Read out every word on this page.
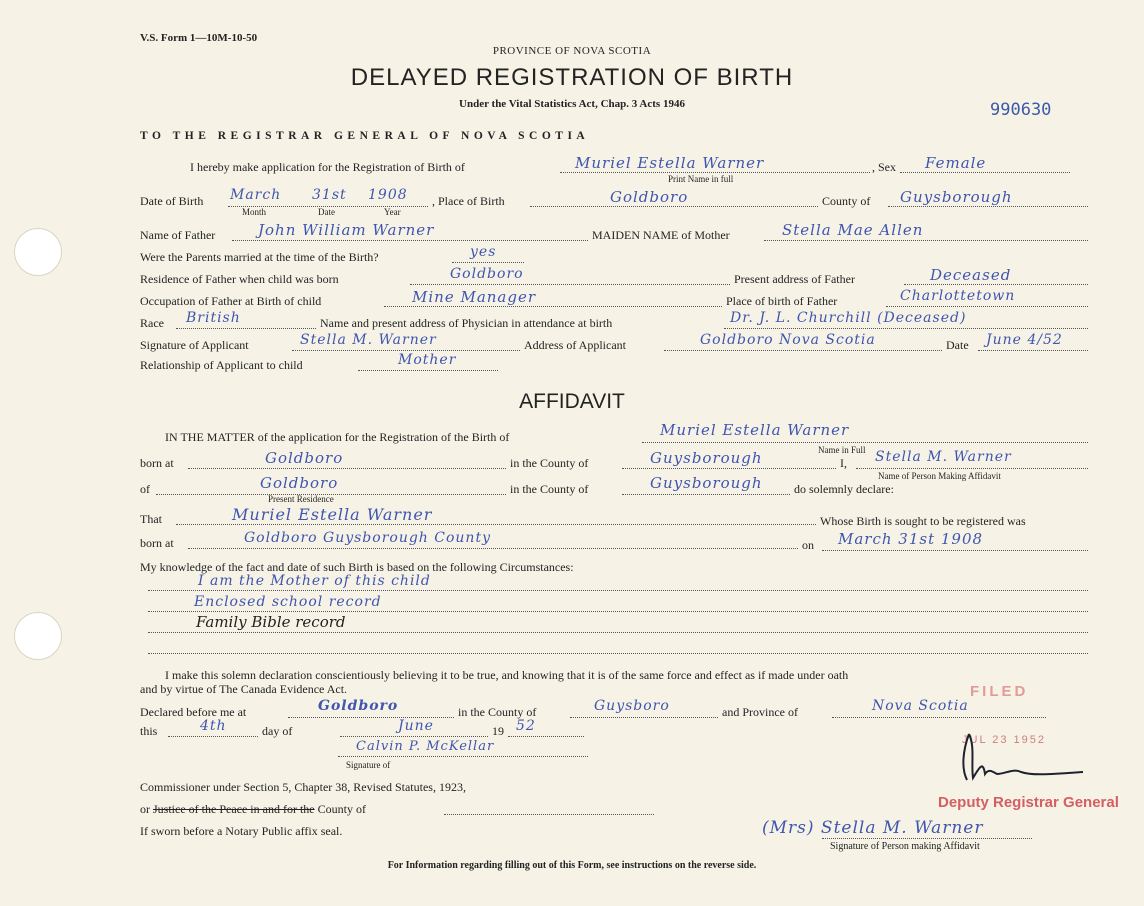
V.S. Form 1—10M-10-50
PROVINCE OF NOVA SCOTIA
DELAYED REGISTRATION OF BIRTH
Under the Vital Statistics Act, Chap. 3 Acts 1946	990630
TO THE REGISTRAR GENERAL OF NOVA SCOTIA
I hereby make application for the Registration of Birth of	Muriel Estella Warner	, Sex Female
Print Name in full
Date of Birth March 31st 1908
Month	Date	Year
, Place of Birth	Goldboro	County of Guysborough
Name of Father	John William Warner	MAIDEN NAME of Mother	Stella Mae Allen
Were the Parents married at the time of the Birth?	yes
Residence of Father when child was born	Goldboro	Present address of Father	Deceased
Occupation of Father at Birth of child	Mine Manager	Place of birth of Father	Charlottetown
Race British	Name and present address of Physician in attendance at birth	Dr. J. L. Churchill (Deceased)
Signature of Applicant	Stella M. Warner	Address of Applicant	Goldboro Nova Scotia	Date June 4/52
Relationship of Applicant to child	Mother
AFFIDAVIT
IN THE MATTER of the application for the Registration of the Birth of	Muriel Estella Warner
Name in Full
born at	Goldboro	in the County of	Guysborough	I, Stella M. Warner
Name of Person Making Affidavit
of	Goldboro
Present Residence
in the County of	Guysborough	do solemnly declare:
That	Muriel Estella Warner	Whose Birth is sought to be registered was
born at	Goldboro Guysborough County	on March 31st 1908
My knowledge of the fact and date of such Birth is based on the following Circumstances:
I am the Mother of this child
Enclosed school record
Family Bible record
I make this solemn declaration conscientiously believing it to be true, and knowing that it is of the same force and effect as if made under oath
and by virtue of The Canada Evidence Act.	FILED
Declared before me at	Goldboro	in the County of	Guysboro	and Province of	Nova Scotia
this	4th	day of	June	19 52
Calvin P. McKellar
Signature of
Commissioner under Section 5, Chapter 38, Revised Statutes, 1923,
or Justice of the Peace in and for the County of
If sworn before a Notary Public affix seal.
JUL 23 1952
Deputy Registrar General
(Mrs) Stella M. Warner
Signature of Person making Affidavit
For Information regarding filling out of this Form, see instructions on the reverse side.
